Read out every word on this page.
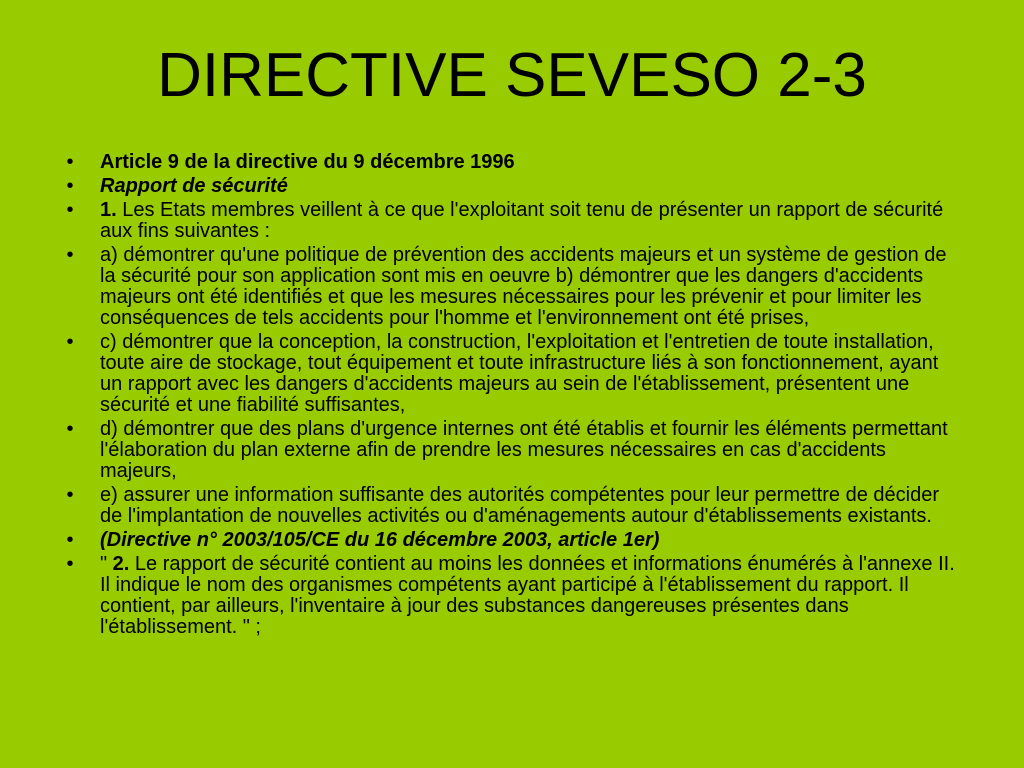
DIRECTIVE SEVESO 2-3
•	Article 9 de la directive du 9 décembre 1996
•	Rapport de sécurité
•	1. Les Etats membres veillent à ce que l'exploitant soit tenu de présenter un rapport de sécurité aux fins suivantes :
•	a) démontrer qu'une politique de prévention des accidents majeurs et un système de gestion de la sécurité pour son application sont mis en oeuvre b) démontrer que les dangers d'accidents majeurs ont été identifiés et que les mesures nécessaires pour les prévenir et pour limiter les conséquences de tels accidents pour l'homme et l'environnement ont été prises,
•	c) démontrer que la conception, la construction, l'exploitation et l'entretien de toute installation, toute aire de stockage, tout équipement et toute infrastructure liés à son fonctionnement, ayant un rapport avec les dangers d'accidents majeurs au sein de l'établissement, présentent une sécurité et une fiabilité suffisantes,
•	d) démontrer que des plans d'urgence internes ont été établis et fournir les éléments permettant l'élaboration du plan externe afin de prendre les mesures nécessaires en cas d'accidents majeurs,
•	e) assurer une information suffisante des autorités compétentes pour leur permettre de décider de l'implantation de nouvelles activités ou d'aménagements autour d'établissements existants.
•	(Directive n° 2003/105/CE du 16 décembre 2003, article 1er)
•	" 2. Le rapport de sécurité contient au moins les données et informations énumérés à l'annexe II. Il indique le nom des organismes compétents ayant participé à l'établissement du rapport. Il contient, par ailleurs, l'inventaire à jour des substances dangereuses présentes dans l'établissement. " ;
